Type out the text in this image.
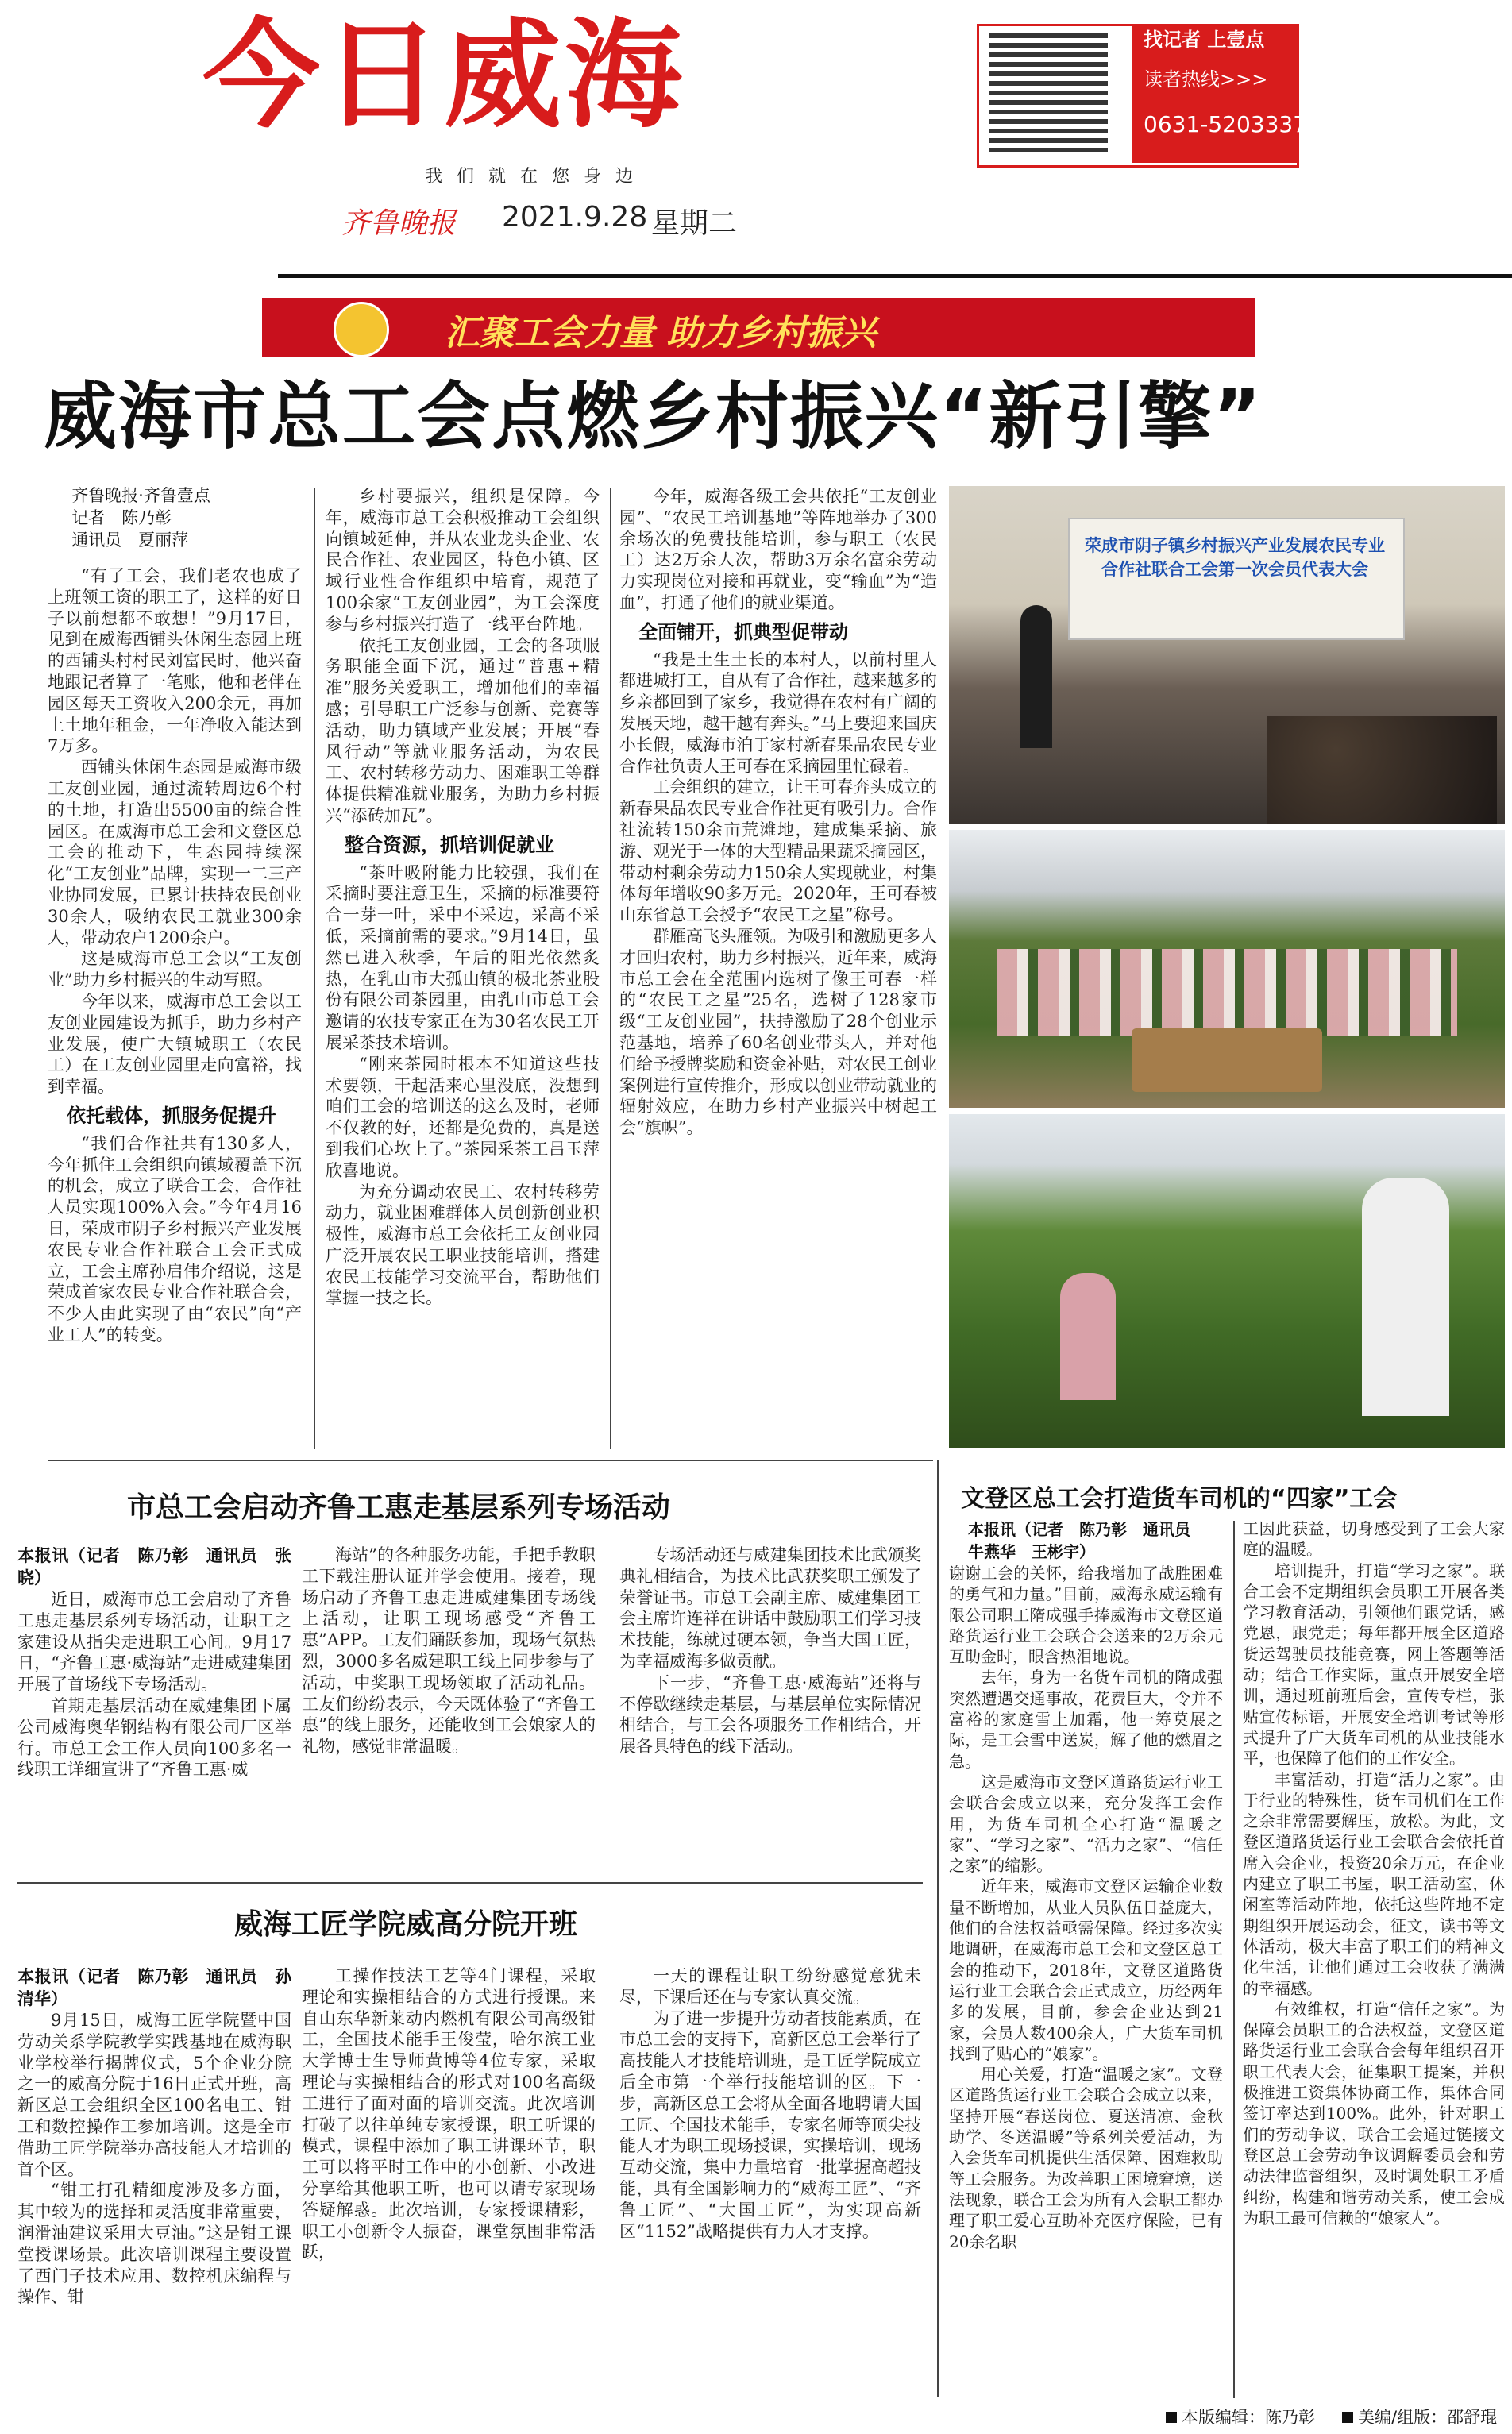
今日威海
我们就在您身边
齐鲁晚报 2021.9.28 星期二
找记者 上壹点
读者热线>>>
0631-5203337
汇聚工会力量 助力乡村振兴
威海市总工会点燃乡村振兴“新引擎”
齐鲁晚报·齐鲁壹点
记者　陈乃彰
通讯员　夏丽萍

“有了工会，我们老农也成了上班领工资的职工了，这样的好日子以前想都不敢想！”9月17日，见到在威海西铺头休闲生态园上班的西铺头村村民刘富民时，他兴奋地跟记者算了一笔账，他和老伴在园区每天工资收入200余元，再加上土地年租金，一年净收入能达到7万多。

西铺头休闲生态园是威海市级工友创业园，通过流转周边6个村的土地，打造出5500亩的综合性园区。在威海市总工会和文登区总工会的推动下，生态园持续深化“工友创业”品牌，实现一二三产业协同发展，已累计扶持农民创业30余人，吸纳农民工就业300余人，带动农户1200余户。

这是威海市总工会以“工友创业”助力乡村振兴的生动写照。

今年以来，威海市总工会以工友创业园建设为抓手，助力乡村产业发展，使广大镇城职工（农民工）在工友创业园里走向富裕，找到幸福。

依托载体，抓服务促提升

“我们合作社共有130多人，今年抓住工会组织向镇域覆盖下沉的机会，成立了联合工会，合作社人员实现100%入会。”今年4月16日，荣成市阴子乡村振兴产业发展农民专业合作社联合工会正式成立，工会主席孙启伟介绍说，这是荣成首家农民专业合作社联合会，不少人由此实现了由“农民”向“产业工人”的转变。

乡村要振兴，组织是保障。今年，威海市总工会积极推动工会组织向镇域延伸，并从农业龙头企业、农民合作社、农业园区，特色小镇、区域行业性合作组织中培育，规范了100余家“工友创业园”，为工会深度参与乡村振兴打造了一线平台阵地。

依托工友创业园，工会的各项服务职能全面下沉，通过“普惠+精准”服务关爱职工，增加他们的幸福感；引导职工广泛参与创新、竞赛等活动，助力镇域产业发展；开展“春风行动”等就业服务活动，为农民工、农村转移劳动力、困难职工等群体提供精准就业服务，为助力乡村振兴“添砖加瓦”。

整合资源，抓培训促就业

“茶叶吸附能力比较强，我们在采摘时要注意卫生，采摘的标准要符合一芽一叶，采中不采边，采高不采低，采摘前需的要求。”9月14日，虽然已进入秋季，午后的阳光依然炙热，在乳山市大孤山镇的极北茶业股份有限公司茶园里，由乳山市总工会邀请的农技专家正在为30名农民工开展采茶技术培训。

“刚来茶园时根本不知道这些技术要领，干起活来心里没底，没想到咱们工会的培训送的这么及时，老师不仅教的好，还都是免费的，真是送到我们心坎上了。”茶园采茶工吕玉萍欣喜地说。

为充分调动农民工、农村转移劳动力，就业困难群体人员创新创业积极性，威海市总工会依托工友创业园广泛开展农民工职业技能培训，搭建农民工技能学习交流平台，帮助他们掌握一技之长。

今年，威海各级工会共依托“工友创业园”、“农民工培训基地”等阵地举办了300余场次的免费技能培训，参与职工（农民工）达2万余人次，帮助3万余名富余劳动力实现岗位对接和再就业，变“输血”为“造血”，打通了他们的就业渠道。

全面铺开，抓典型促带动

“我是土生土长的本村人，以前村里人都进城打工，自从有了合作社，越来越多的乡亲都回到了家乡，我觉得在农村有广阔的发展天地，越干越有奔头。”马上要迎来国庆小长假，威海市泊于家村新春果品农民专业合作社负责人王可春在采摘园里忙碌着。

工会组织的建立，让王可春奔头成立的新春果品农民专业合作社更有吸引力。合作社流转150余亩荒滩地，建成集采摘、旅游、观光于一体的大型精品果蔬采摘园区，带动村剩余劳动力150余人实现就业，村集体每年增收90多万元。2020年，王可春被山东省总工会授予“农民工之星”称号。

群雁高飞头雁领。为吸引和激励更多人才回归农村，助力乡村振兴，近年来，威海市总工会在全范围内选树了像王可春一样的“农民工之星”25名，选树了128家市级“工友创业园”，扶持激励了28个创业示范基地，培养了60名创业带头人，并对他们给予授牌奖励和资金补贴，对农民工创业案例进行宣传推介，形成以创业带动就业的辐射效应，在助力乡村产业振兴中树起工会“旗帜”。

荣成市阴子镇乡村振兴产业发展农民专业合作社联合工会第一次会员代表大会
市总工会启动齐鲁工惠走基层系列专场活动
本报讯（记者　陈乃彰　通讯员　张晓）

近日，威海市总工会启动了齐鲁工惠走基层系列专场活动，让职工之家建设从指尖走进职工心间。9月17日，“齐鲁工惠·威海站”走进威建集团开展了首场线下专场活动。

首期走基层活动在威建集团下属公司威海奥华钢结构有限公司厂区举行。市总工会工作人员向100多名一线职工详细宣讲了“齐鲁工惠·威

海站”的各种服务功能，手把手教职工下载注册认证并学会使用。接着，现场启动了齐鲁工惠走进威建集团专场线上活动，让职工现场感受“齐鲁工惠”APP。工友们踊跃参加，现场气氛热烈，3000多名威建职工线上同步参与了活动，中奖职工现场领取了活动礼品。工友们纷纷表示，今天既体验了“齐鲁工惠”的线上服务，还能收到工会娘家人的礼物，感觉非常温暖。

专场活动还与威建集团技术比武颁奖典礼相结合，为技术比武获奖职工颁发了荣誉证书。市总工会副主席、威建集团工会主席许连祥在讲话中鼓励职工们学习技术技能，练就过硬本领，争当大国工匠，为幸福威海多做贡献。

下一步，“齐鲁工惠·威海站”还将与不停歇继续走基层，与基层单位实际情况相结合，与工会各项服务工作相结合，开展各具特色的线下活动。

威海工匠学院威高分院开班
本报讯（记者　陈乃彰　通讯员　孙清华）

9月15日，威海工匠学院暨中国劳动关系学院教学实践基地在威海职业学校举行揭牌仪式，5个企业分院之一的威高分院于16日正式开班，高新区总工会组织全区100名电工、钳工和数控操作工参加培训。这是全市借助工匠学院举办高技能人才培训的首个区。

“钳工打孔精细度涉及多方面，其中较为的选择和灵活度非常重要，润滑油建议采用大豆油。”这是钳工课堂授课场景。此次培训课程主要设置了西门子技术应用、数控机床编程与操作、钳

工操作技法工艺等4门课程，采取理论和实操相结合的方式进行授课。来自山东华新莱动内燃机有限公司高级钳工，全国技术能手王俊莹，哈尔滨工业大学博士生导师黄博等4位专家，采取理论与实操相结合的形式对100名高级工进行了面对面的培训交流。此次培训打破了以往单纯专家授课，职工听课的模式，课程中添加了职工讲课环节，职工可以将平时工作中的小创新、小改进分享给其他职工听，也可以请专家现场答疑解惑。此次培训，专家授课精彩，职工小创新令人振奋，课堂氛围非常活跃，

一天的课程让职工纷纷感觉意犹未尽，下课后还在与专家认真交流。

为了进一步提升劳动者技能素质，在市总工会的支持下，高新区总工会举行了高技能人才技能培训班，是工匠学院成立后全市第一个举行技能培训的区。下一步，高新区总工会将从全面各地聘请大国工匠、全国技术能手，专家名师等顶尖技能人才为职工现场授课，实操培训，现场互动交流，集中力量培育一批掌握高超技能，具有全国影响力的“威海工匠”、“齐鲁工匠”、“大国工匠”，为实现高新区“1152”战略提供有力人才支撑。

文登区总工会打造货车司机的“四家”工会
本报讯（记者　陈乃彰　通讯员
牛燕华　王彬宇）

谢谢工会的关怀，给我增加了战胜困难的勇气和力量。”目前，威海永威运输有限公司职工隋成强手捧威海市文登区道路货运行业工会联合会送来的2万余元互助金时，眼含热泪地说。

去年，身为一名货车司机的隋成强突然遭遇交通事故，花费巨大，令并不富裕的家庭雪上加霜，他一筹莫展之际，是工会雪中送炭，解了他的燃眉之急。

这是威海市文登区道路货运行业工会联合会成立以来，充分发挥工会作用，为货车司机全心打造“温暖之家”、“学习之家”、“活力之家”、“信任之家”的缩影。

近年来，威海市文登区运输企业数量不断增加，从业人员队伍日益庞大，他们的合法权益亟需保障。经过多次实地调研，在威海市总工会和文登区总工会的推动下，2018年，文登区道路货运行业工会联合会正式成立，历经两年多的发展，目前，参会企业达到21家，会员人数400余人，广大货车司机找到了贴心的“娘家”。

用心关爱，打造“温暖之家”。文登区道路货运行业工会联合会成立以来，坚持开展“春送岗位、夏送清凉、金秋助学、冬送温暖”等系列关爱活动，为入会货车司机提供生活保障、困难救助等工会服务。为改善职工困境窘境，送法现象，联合工会为所有入会职工都办理了职工爱心互助补充医疗保险，已有20余名职

工因此获益，切身感受到了工会大家庭的温暖。

培训提升，打造“学习之家”。联合工会不定期组织会员职工开展各类学习教育活动，引领他们跟党话，感党恩，跟党走；每年都开展全区道路货运驾驶员技能竞赛，网上答题等活动；结合工作实际，重点开展安全培训，通过班前班后会，宣传专栏，张贴宣传标语，开展安全培训考试等形式提升了广大货车司机的从业技能水平，也保障了他们的工作安全。

丰富活动，打造“活力之家”。由于行业的特殊性，货车司机们在工作之余非常需要解压，放松。为此，文登区道路货运行业工会联合会依托首席入会企业，投资20余万元，在企业内建立了职工书屋，职工活动室，休闲室等活动阵地，依托这些阵地不定期组织开展运动会，征文，读书等文体活动，极大丰富了职工们的精神文化生活，让他们通过工会收获了满满的幸福感。

有效维权，打造“信任之家”。为保障会员职工的合法权益，文登区道路货运行业工会联合会每年组织召开职工代表大会，征集职工提案，并积极推进工资集体协商工作，集体合同签订率达到100%。此外，针对职工们的劳动争议，联合工会通过链接文登区总工会劳动争议调解委员会和劳动法律监督组织，及时调处职工矛盾纠纷，构建和谐劳动关系，使工会成为职工最可信赖的“娘家人”。

本版编辑：陈乃彰	美编/组版：邵舒琨
